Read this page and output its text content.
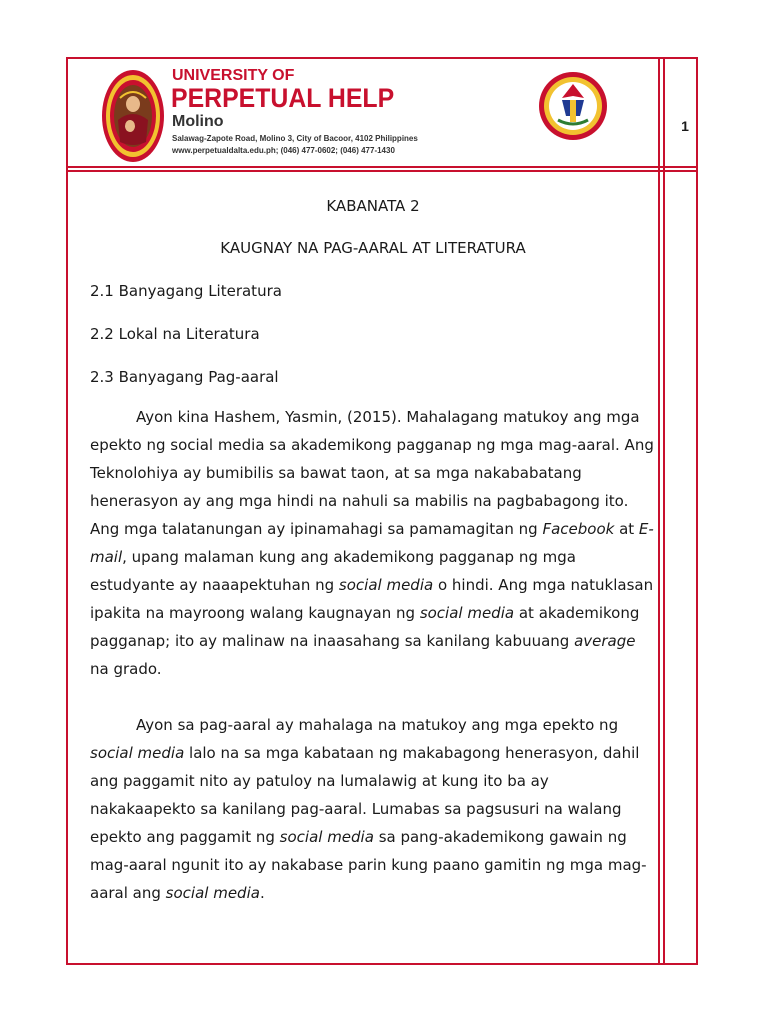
UNIVERSITY OF
PERPETUAL HELP
Molino
Salawag-Zapote Road, Molino 3, City of Bacoor, 4102 Philippines
www.perpetualdalta.edu.ph; (046) 477-0602; (046) 477-1430
1

KABANATA 2

KAUGNAY NA PAG-AARAL AT LITERATURA

2.1 Banyagang Literatura

2.2 Lokal na Literatura

2.3 Banyagang Pag-aaral

Ayon kina Hashem, Yasmin, (2015). Mahalagang matukoy ang mga epekto ng social media sa akademikong pagganap ng mga mag-aaral. Ang Teknolohiya ay bumibilis sa bawat taon, at sa mga nakababatang henerasyon ay ang mga hindi na nahuli sa mabilis na pagbabagong ito. Ang mga talatanungan ay ipinamahagi sa pamamagitan ng Facebook at E-mail, upang malaman kung ang akademikong pagganap ng mga estudyante ay naaapektuhan ng social media o hindi. Ang mga natuklasan ipakita na mayroong walang kaugnayan ng social media at akademikong pagganap; ito ay malinaw na inaasahang sa kanilang kabuuang average na grado.

Ayon sa pag-aaral ay mahalaga na matukoy ang mga epekto ng social media lalo na sa mga kabataan ng makabagong henerasyon, dahil ang paggamit nito ay patuloy na lumalawig at kung ito ba ay nakakaapekto sa kanilang pag-aaral. Lumabas sa pagsusuri na walang epekto ang paggamit ng social media sa pang-akademikong gawain ng mag-aaral ngunit ito ay nakabase parin kung paano gamitin ng mga mag-aaral ang social media.
